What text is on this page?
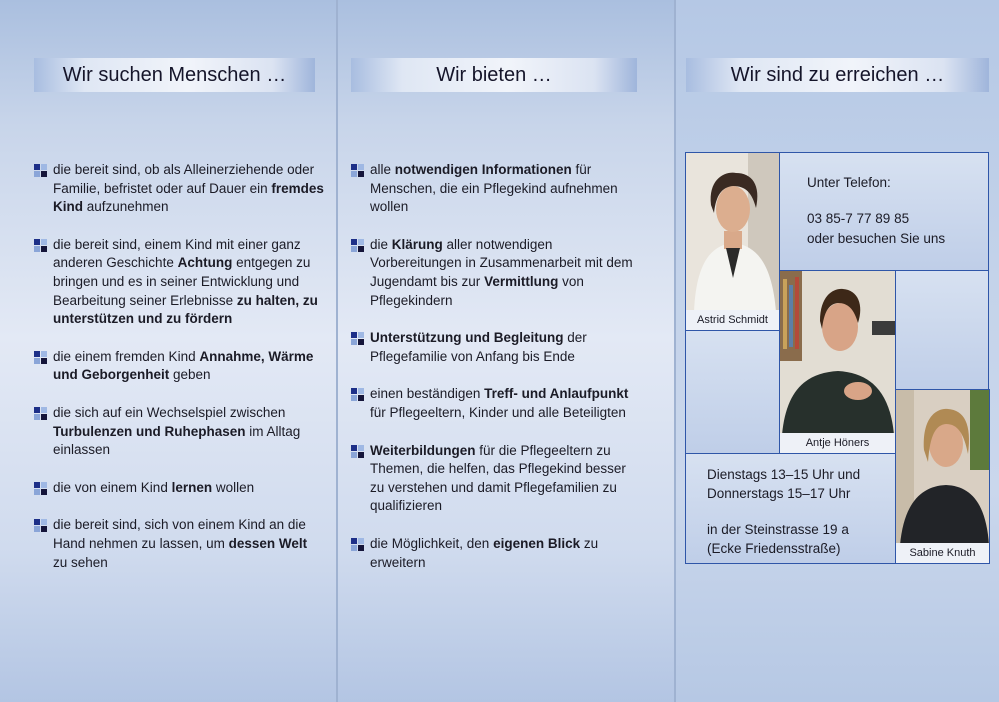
Wir suchen Menschen …
die bereit sind, ob als Alleinerziehende oder Familie, befristet oder auf Dauer ein fremdes Kind aufzunehmen
die bereit sind, einem Kind mit einer ganz anderen Geschichte Achtung entgegen zu bringen und es in seiner Entwicklung und Bearbeitung seiner Erlebnisse zu halten, zu unterstützen und zu fördern
die einem fremden Kind Annahme, Wärme und Geborgenheit geben
die sich auf ein Wechselspiel zwischen Turbulenzen und Ruhephasen im Alltag einlassen
die von einem Kind lernen wollen
die bereit sind, sich von einem Kind an die Hand nehmen zu lassen, um dessen Welt zu sehen
Wir bieten …
alle notwendigen Informationen für Menschen, die ein Pflegekind aufnehmen wollen
die Klärung aller notwendigen Vorbereitungen in Zusammenarbeit mit dem Jugendamt bis zur Vermittlung von Pflegekindern
Unterstützung und Begleitung der Pflegefamilie von Anfang bis Ende
einen beständigen Treff- und Anlaufpunkt für Pflegeeltern, Kinder und alle Beteiligten
Weiterbildungen für die Pflegeeltern zu Themen, die helfen, das Pflegekind besser zu verstehen und damit Pflegefamilien zu qualifizieren
die Möglichkeit, den eigenen Blick zu erweitern
Wir sind zu erreichen …
Unter Telefon:
03 85-7 77 89 85
oder besuchen Sie uns
Dienstags 13–15 Uhr und
Donnerstags 15–17 Uhr
in der Steinstrasse 19 a
(Ecke Friedensstraße)
Astrid Schmidt
Antje Höners
Sabine Knuth
